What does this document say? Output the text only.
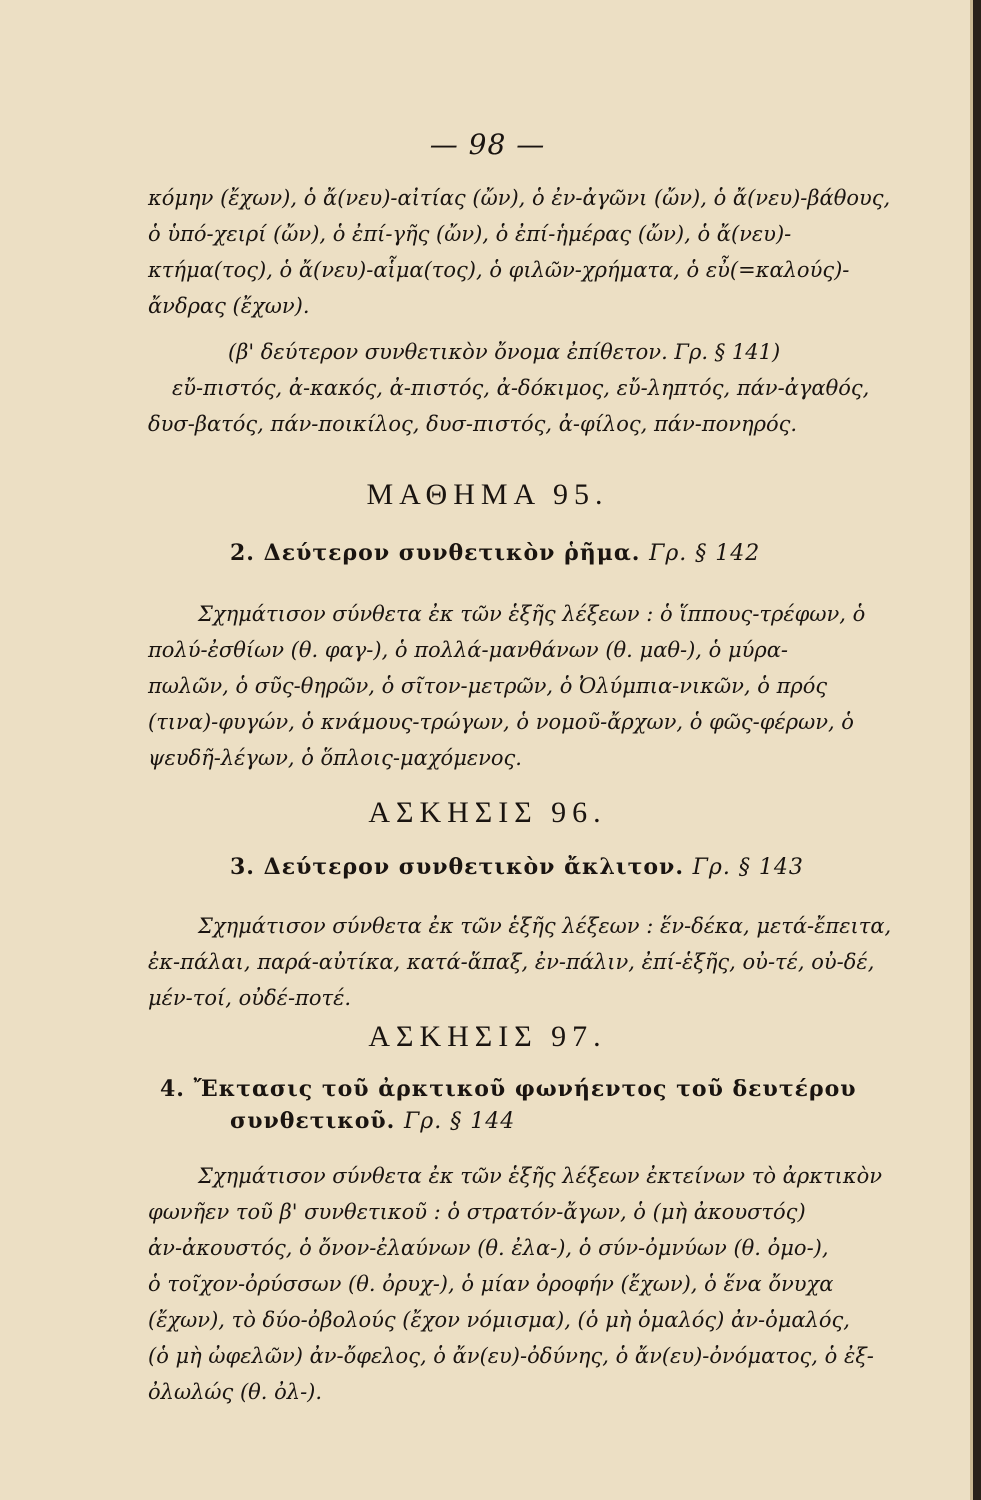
— 98 —
κόμην (ἔχων), ὁ ἄ(νευ)-αἰτίας (ὤν), ὁ ἐν-ἀγῶνι (ὤν), ὁ ἄ(νευ)-βάθους,
ὁ ὑπό-χειρί (ὤν), ὁ ἐπί-γῆς (ὤν), ὁ ἐπί-ἡμέρας (ὤν), ὁ ἄ(νευ)-
κτήμα(τος), ὁ ἄ(νευ)-αἷμα(τος), ὁ φιλῶν-χρήματα, ὁ εὖ(=καλούς)-
ἄνδρας (ἔχων).
(β' δεύτερον συνθετικὸν ὄνομα ἐπίθετον. Γρ. § 141)
εὔ-πιστός, ἀ-κακός, ἀ-πιστός, ἀ-δόκιμος, εὔ-ληπτός, πάν-ἀγαθός,
δυσ-βατός, πάν-ποικίλος, δυσ-πιστός, ἀ-φίλος, πάν-πονηρός.
ΜΑΘΗΜΑ 95.
2. Δεύτερον συνθετικὸν ῥῆμα. Γρ. § 142
Σχημάτισον σύνθετα ἐκ τῶν ἑξῆς λέξεων : ὁ ἵππους-τρέφων, ὁ
πολύ-ἐσθίων (θ. φαγ-), ὁ πολλά-μανθάνων (θ. μαθ-), ὁ μύρα-
πωλῶν, ὁ σῦς-θηρῶν, ὁ σῖτον-μετρῶν, ὁ Ὀλύμπια-νικῶν, ὁ πρός
(τινα)-φυγών, ὁ κνάμους-τρώγων, ὁ νομοῦ-ἄρχων, ὁ φῶς-φέρων, ὁ
ψευδῆ-λέγων, ὁ ὅπλοις-μαχόμενος.
ΑΣΚΗΣΙΣ 96.
3. Δεύτερον συνθετικὸν ἄκλιτον. Γρ. § 143
Σχημάτισον σύνθετα ἐκ τῶν ἑξῆς λέξεων : ἕν-δέκα, μετά-ἔπειτα,
ἐκ-πάλαι, παρά-αὐτίκα, κατά-ἅπαξ, ἐν-πάλιν, ἐπί-ἑξῆς, οὐ-τέ, οὐ-δέ,
μέν-τοί, οὐδέ-ποτέ.
ΑΣΚΗΣΙΣ 97.
4. Ἔκτασις τοῦ ἀρκτικοῦ φωνήεντος τοῦ δευτέρου
συνθετικοῦ. Γρ. § 144
Σχημάτισον σύνθετα ἐκ τῶν ἑξῆς λέξεων ἐκτείνων τὸ ἀρκτικὸν
φωνῆεν τοῦ β' συνθετικοῦ : ὁ στρατόν-ἄγων, ὁ (μὴ ἀκουστός)
ἀν-ἀκουστός, ὁ ὄνον-ἐλαύνων (θ. ἐλα-), ὁ σύν-ὀμνύων (θ. ὀμο-),
ὁ τοῖχον-ὀρύσσων (θ. ὀρυχ-), ὁ μίαν ὀροφήν (ἔχων), ὁ ἕνα ὄνυχα
(ἔχων), τὸ δύο-ὀβολούς (ἔχον νόμισμα), (ὁ μὴ ὁμαλός) ἀν-ὁμαλός,
(ὁ μὴ ὠφελῶν) ἀν-ὄφελος, ὁ ἄν(ευ)-ὀδύνης, ὁ ἄν(ευ)-ὀνόματος, ὁ ἐξ-
ὀλωλώς (θ. ὀλ-).
